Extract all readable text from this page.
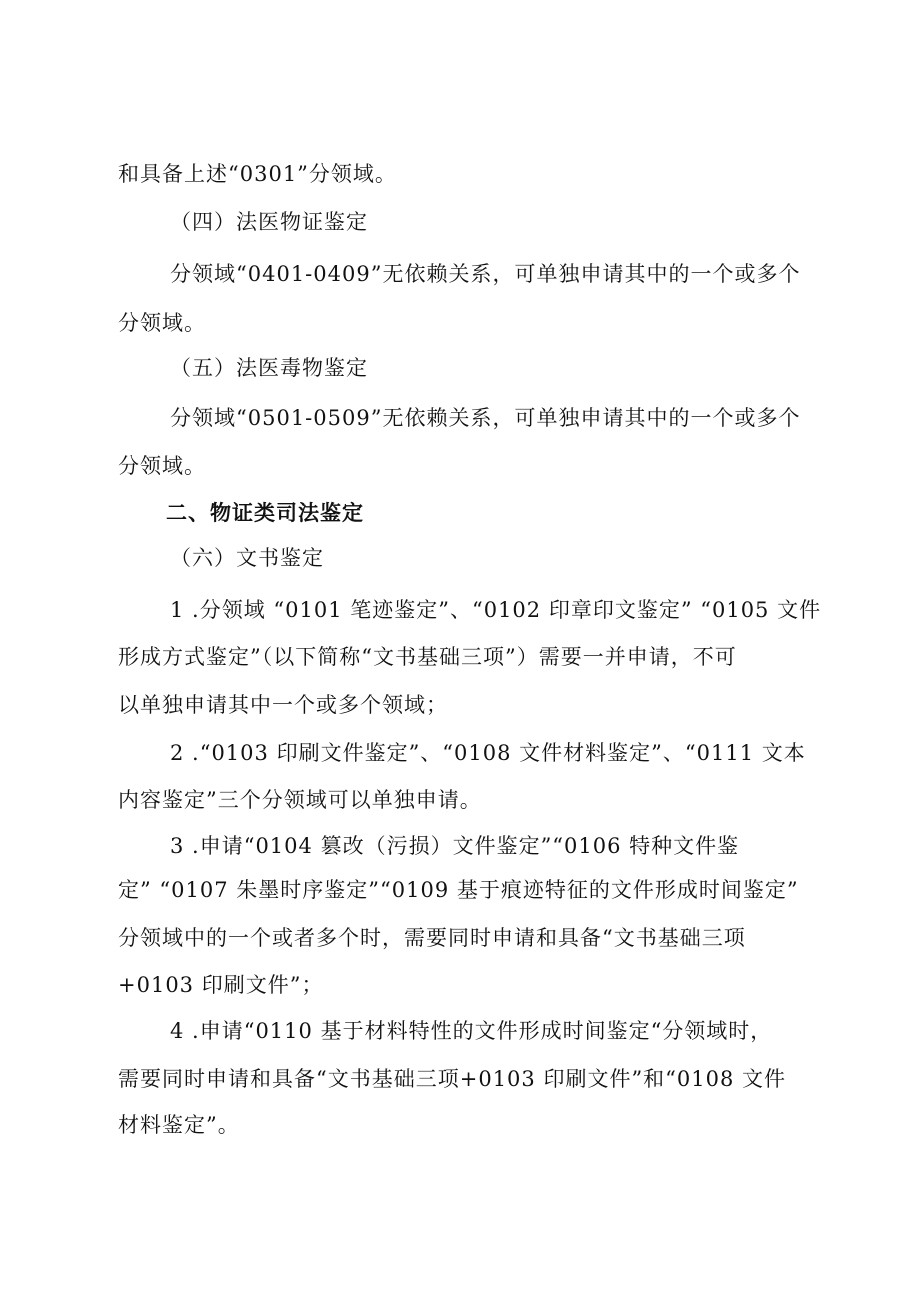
和具备上述“0301”分领域。
（四）法医物证鉴定
分领域“0401-0409”无依赖关系，可单独申请其中的一个或多个
分领域。
（五）法医毒物鉴定
分领域“0501-0509”无依赖关系，可单独申请其中的一个或多个
分领域。
二、物证类司法鉴定
（六）文书鉴定
1 .分领域 “0101 笔迹鉴定”、“0102 印章印文鉴定” “0105 文件
形成方式鉴定”（以下简称“文书基础三项”）需要一并申请，不可
以单独申请其中一个或多个领域；
2 .“0103 印刷文件鉴定”、“0108 文件材料鉴定”、“0111 文本
内容鉴定”三个分领域可以单独申请。
3 .申请“0104 篡改（污损）文件鉴定”“0106 特种文件鉴
定” “0107 朱墨时序鉴定”“0109 基于痕迹特征的文件形成时间鉴定”
分领域中的一个或者多个时，需要同时申请和具备“文书基础三项
+0103 印刷文件”；
4 .申请“0110 基于材料特性的文件形成时间鉴定“分领域时，
需要同时申请和具备“文书基础三项+0103 印刷文件”和“0108 文件
材料鉴定”。
